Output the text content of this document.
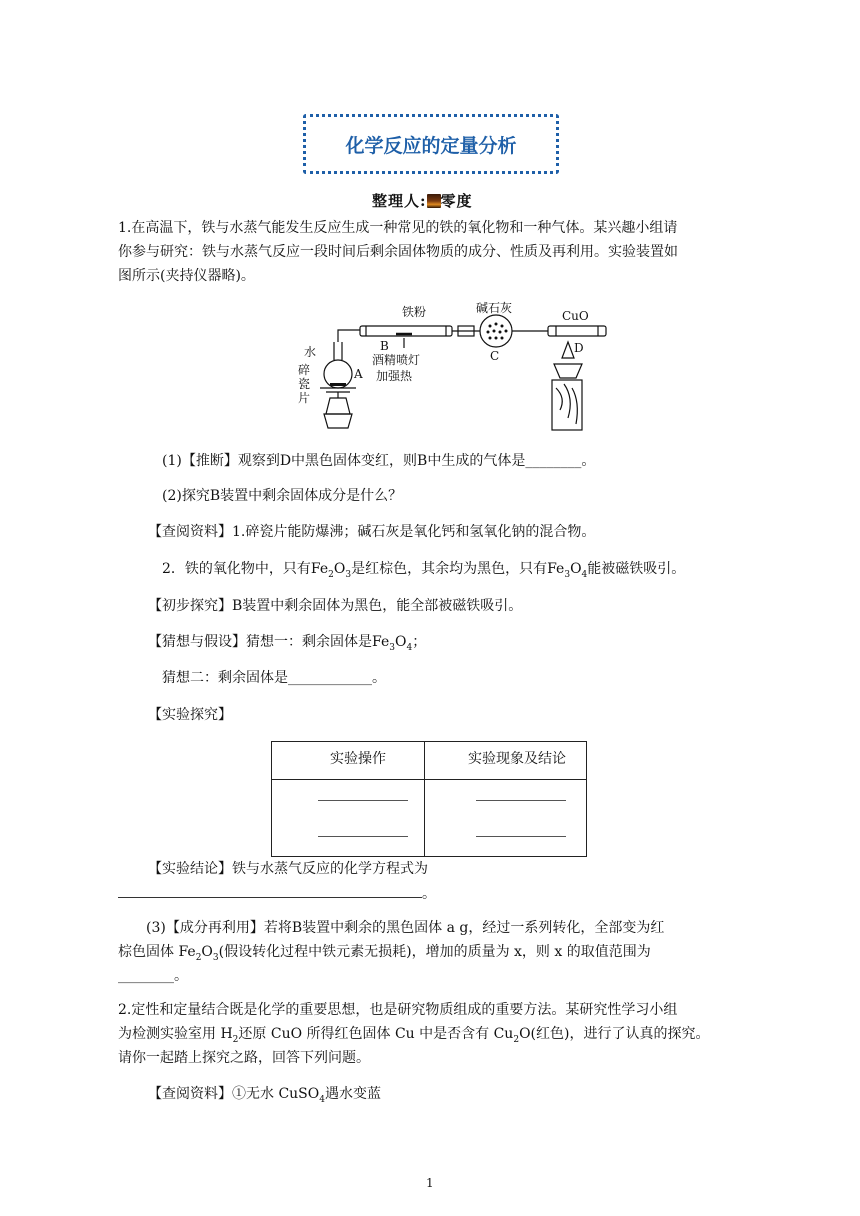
化学反应的定量分析
整理人: 零度
1.在高温下，铁与水蒸气能发生反应生成一种常见的铁的氧化物和一种气体。某兴趣小组请
你参与研究：铁与水蒸气反应一段时间后剩余固体物质的成分、性质及再利用。实验装置如
图所示(夹持仪器略)。
铁粉	碱石灰
CuO
水
碎
瓷
片
A
B
C
D
酒精喷灯
加强热
(1)【推断】观察到D中黑色固体变红，则B中生成的气体是________。
(2)探究B装置中剩余固体成分是什么？
【查阅资料】1.碎瓷片能防爆沸；碱石灰是氧化钙和氢氧化钠的混合物。
2．铁的氧化物中，只有$Fe_2O_3$是红棕色，其余均为黑色，只有$Fe_3O_4$能被磁铁吸引。
【初步探究】B装置中剩余固体为黑色，能全部被磁铁吸引。
【猜想与假设】猜想一：剩余固体是$Fe_3O_4$；
猜想二：剩余固体是____________。
【实验探究】
实验操作	实验现象及结论
【实验结论】铁与水蒸气反应的化学方程式为
。
(3)【成分再利用】若将B装置中剩余的黑色固体 a g，经过一系列转化，全部变为红
棕色固体 $Fe_2O_3$(假设转化过程中铁元素无损耗)，增加的质量为 x，则 x 的取值范围为
________。
2.定性和定量结合既是化学的重要思想，也是研究物质组成的重要方法。某研究性学习小组
为检测实验室用 $H_2$还原 CuO 所得红色固体 Cu 中是否含有 $Cu_2O$(红色)，进行了认真的探究。
请你一起踏上探究之路，回答下列问题。
【查阅资料】①无水 CuSO$_4$遇水变蓝
1
